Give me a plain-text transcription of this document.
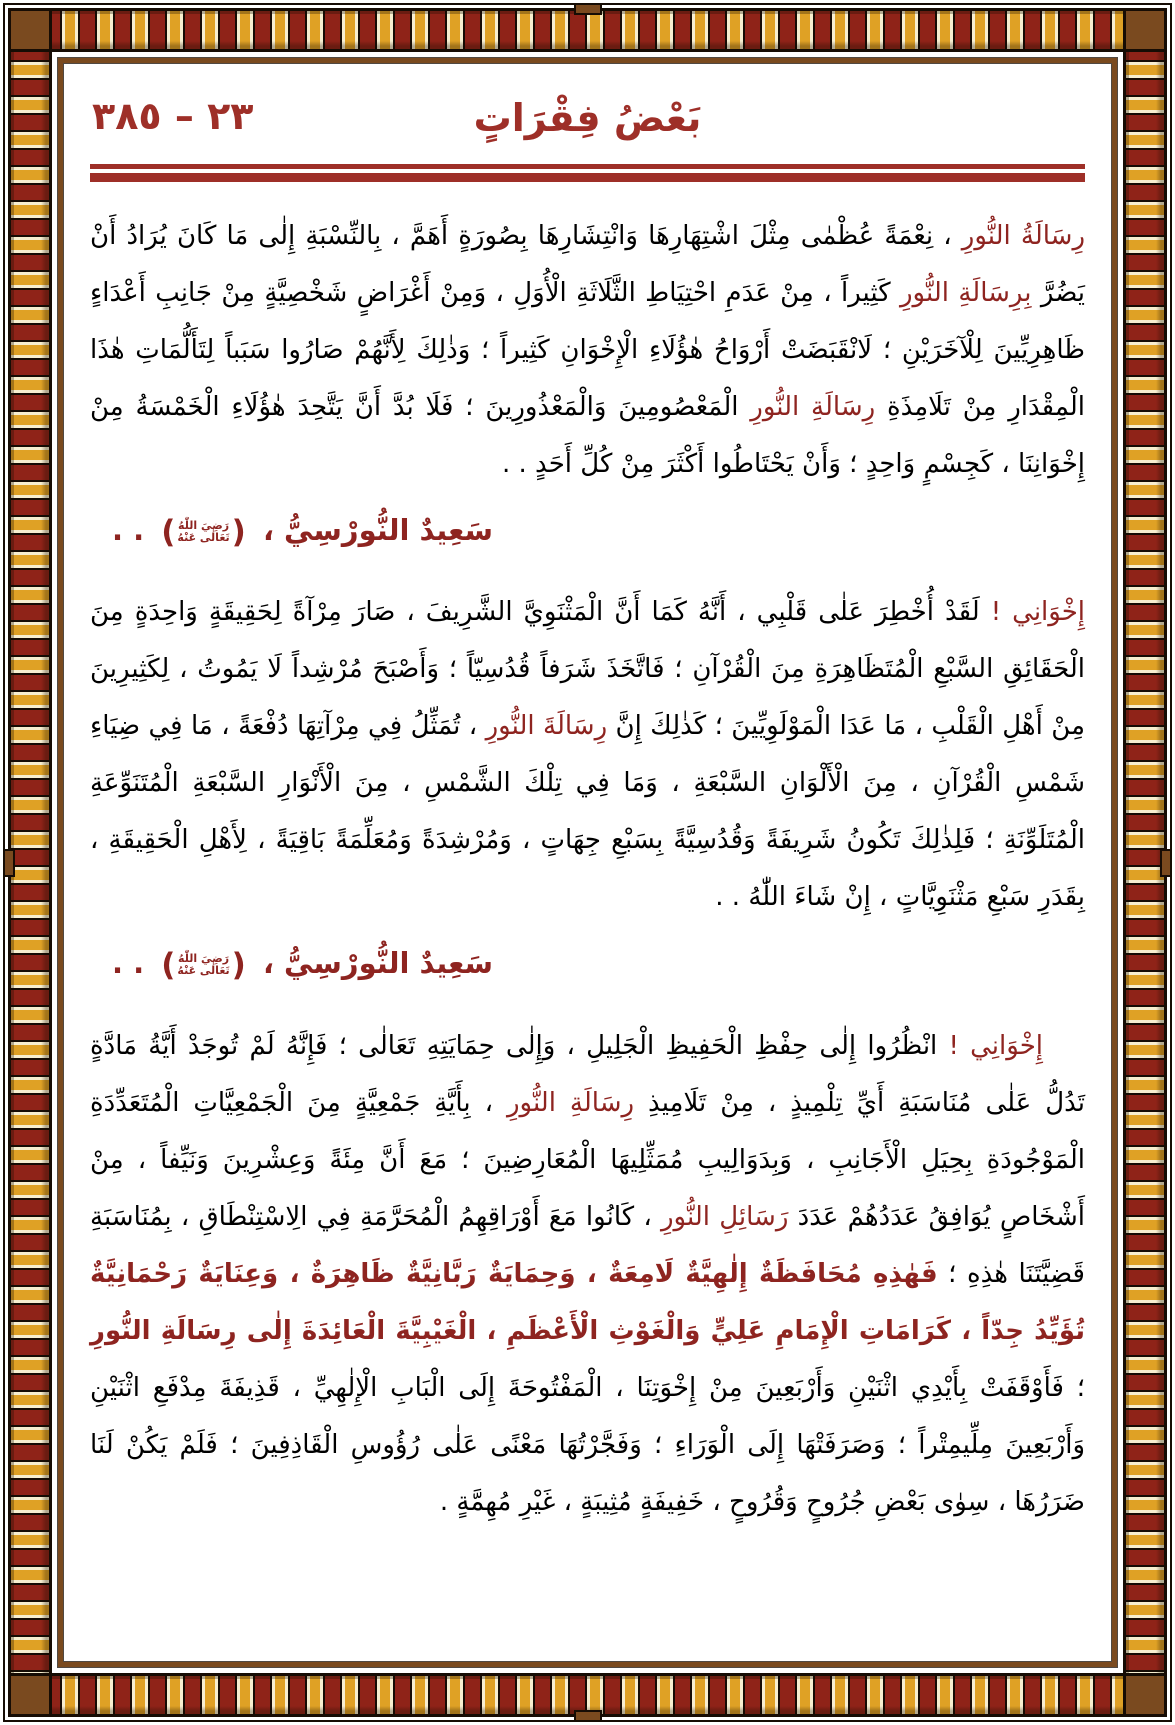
٢٣ – ٣٨٥	بَعْضُ فِقْرَاتٍ

رِسَالَةُ النُّورِ ، نِعْمَةً عُظْمٰى مِثْلَ اشْتِهَارِهَا وَانْتِشَارِهَا بِصُورَةٍ أَهَمَّ ، بِالنِّسْبَةِ إِلٰى مَا كَانَ يُرَادُ أَنْ يَضُرَّ بِرِسَالَةِ النُّورِ كَثِيراً ، مِنْ عَدَمِ احْتِيَاطِ الثَّلَاثَةِ الْأُوَلِ ، وَمِنْ أَغْرَاضٍ شَخْصِيَّةٍ مِنْ جَانِبِ أَعْدَاءٍ ظَاهِرِيِّينَ لِلْآخَرَيْنِ ؛ لَانْقَبَضَتْ أَرْوَاحُ هٰؤُلَاءِ الْإِخْوَانِ كَثِيراً ؛ وَذٰلِكَ لِأَنَّهُمْ صَارُوا سَبَباً لِتَأَلُّمَاتِ هٰذَا الْمِقْدَارِ مِنْ تَلَامِذَةِ رِسَالَةِ النُّورِ الْمَعْصُومِينَ وَالْمَعْذُورِينَ ؛ فَلَا بُدَّ أَنَّ يَتَّحِدَ هٰؤُلَاءِ الْخَمْسَةُ مِنْ إِخْوَانِنَا ، كَجِسْمٍ وَاحِدٍ ؛ وَأَنْ يَحْتَاطُوا أَكْثَرَ مِنْ كُلِّ أَحَدٍ . .

سَعِيدٌ النُّورْسِيُّ ،
( رَضِيَ اللّٰهُ
تَعَالٰى عَنْهُ )
. .

إِخْوَانِي ! لَقَدْ أُخْطِرَ عَلٰى قَلْبِي ، أَنَّهُ كَمَا أَنَّ الْمَثْنَوِيَّ الشَّرِيفَ ، صَارَ مِرْآةً لِحَقِيقَةٍ وَاحِدَةٍ مِنَ الْحَقَائِقِ السَّبْعِ الْمُتَظَاهِرَةِ مِنَ الْقُرْآنِ ؛ فَاتَّخَذَ شَرَفاً قُدُسِيّاً ؛ وَأَصْبَحَ مُرْشِداً لَا يَمُوتُ ، لِكَثِيرِينَ مِنْ أَهْلِ الْقَلْبِ ، مَا عَدَا الْمَوْلَوِيِّينَ ؛ كَذٰلِكَ إِنَّ رِسَالَةَ النُّورِ ، تُمَثِّلُ فِي مِرْآتِهَا دُفْعَةً ، مَا فِي ضِيَاءِ شَمْسِ الْقُرْآنِ ، مِنَ الْأَلْوَانِ السَّبْعَةِ ، وَمَا فِي تِلْكَ الشَّمْسِ ، مِنَ الْأَنْوَارِ السَّبْعَةِ الْمُتَنَوِّعَةِ الْمُتَلَوِّنَةِ ؛ فَلِذٰلِكَ تَكُونُ شَرِيفَةً وَقُدُسِيَّةً بِسَبْعِ جِهَاتٍ ، وَمُرْشِدَةً وَمُعَلِّمَةً بَاقِيَةً ، لِأَهْلِ الْحَقِيقَةِ ، بِقَدَرِ سَبْعِ مَثْنَوِيَّاتٍ ، إِنْ شَاءَ اللّٰهُ . .

سَعِيدٌ النُّورْسِيُّ ،
( رَضِيَ اللّٰهُ
تَعَالٰى عَنْهُ )
. .

إِخْوَانِي ! انْظُرُوا إِلٰى حِفْظِ الْحَفِيظِ الْجَلِيلِ ، وَإِلٰى حِمَايَتِهِ تَعَالٰى ؛ فَإِنَّهُ لَمْ تُوجَدْ أَيَّةُ مَادَّةٍ تَدُلُّ عَلٰى مُنَاسَبَةِ أَيِّ تِلْمِيذٍ ، مِنْ تَلَامِيذِ رِسَالَةِ النُّورِ ، بِأَيَّةِ جَمْعِيَّةٍ مِنَ الْجَمْعِيَّاتِ الْمُتَعَدِّدَةِ الْمَوْجُودَةِ بِحِيَلِ الْأَجَانِبِ ، وَبِدَوَالِيبِ مُمَثِّلِيهَا الْمُعَارِضِينَ ؛ مَعَ أَنَّ مِئَةً وَعِشْرِينَ وَنَيِّفاً ، مِنْ أَشْخَاصٍ يُوَافِقُ عَدَدُهُمْ عَدَدَ رَسَائِلِ النُّورِ ، كَانُوا مَعَ أَوْرَاقِهِمُ الْمُحَرَّمَةِ فِي الِاسْتِنْطَاقِ ، بِمُنَاسَبَةِ قَضِيَّتَنَا هٰذِهِ ؛ فَهٰذِهِ مُحَافَظَةٌ إِلٰهِيَّةٌ لَامِعَةٌ ، وَحِمَايَةٌ رَبَّانِيَّةٌ ظَاهِرَةٌ ، وَعِنَايَةٌ رَحْمَانِيَّةٌ تُؤَيِّدُ جِدّاً ، كَرَامَاتِ الْإِمَامِ عَلِيٍّ وَالْغَوْثِ الْأَعْظَمِ ، الْغَيْبِيَّةَ الْعَائِدَةَ إِلٰى رِسَالَةِ النُّورِ ؛ فَأَوْقَفَتْ بِأَيْدِي اثْنَيْنِ وَأَرْبَعِينَ مِنْ إِخْوَتِنَا ، الْمَفْتُوحَةَ إِلَى الْبَابِ الْإِلٰهِيِّ ، قَذِيفَةَ مِدْفَعِ اثْنَيْنِ وَأَرْبَعِينَ مِلِّيمِتْراً ؛ وَصَرَفَتْهَا إِلَى الْوَرَاءِ ؛ وَفَجَّرْتُهَا مَعْنًى عَلٰى رُؤُوسِ الْقَاذِفِينَ ؛ فَلَمْ يَكُنْ لَنَا ضَرَرُهَا ، سِوٰى بَعْضِ جُرُوحٍ وَقُرُوحٍ ، خَفِيفَةٍ مُثِيبَةٍ ، غَيْرِ مُهِمَّةٍ .
